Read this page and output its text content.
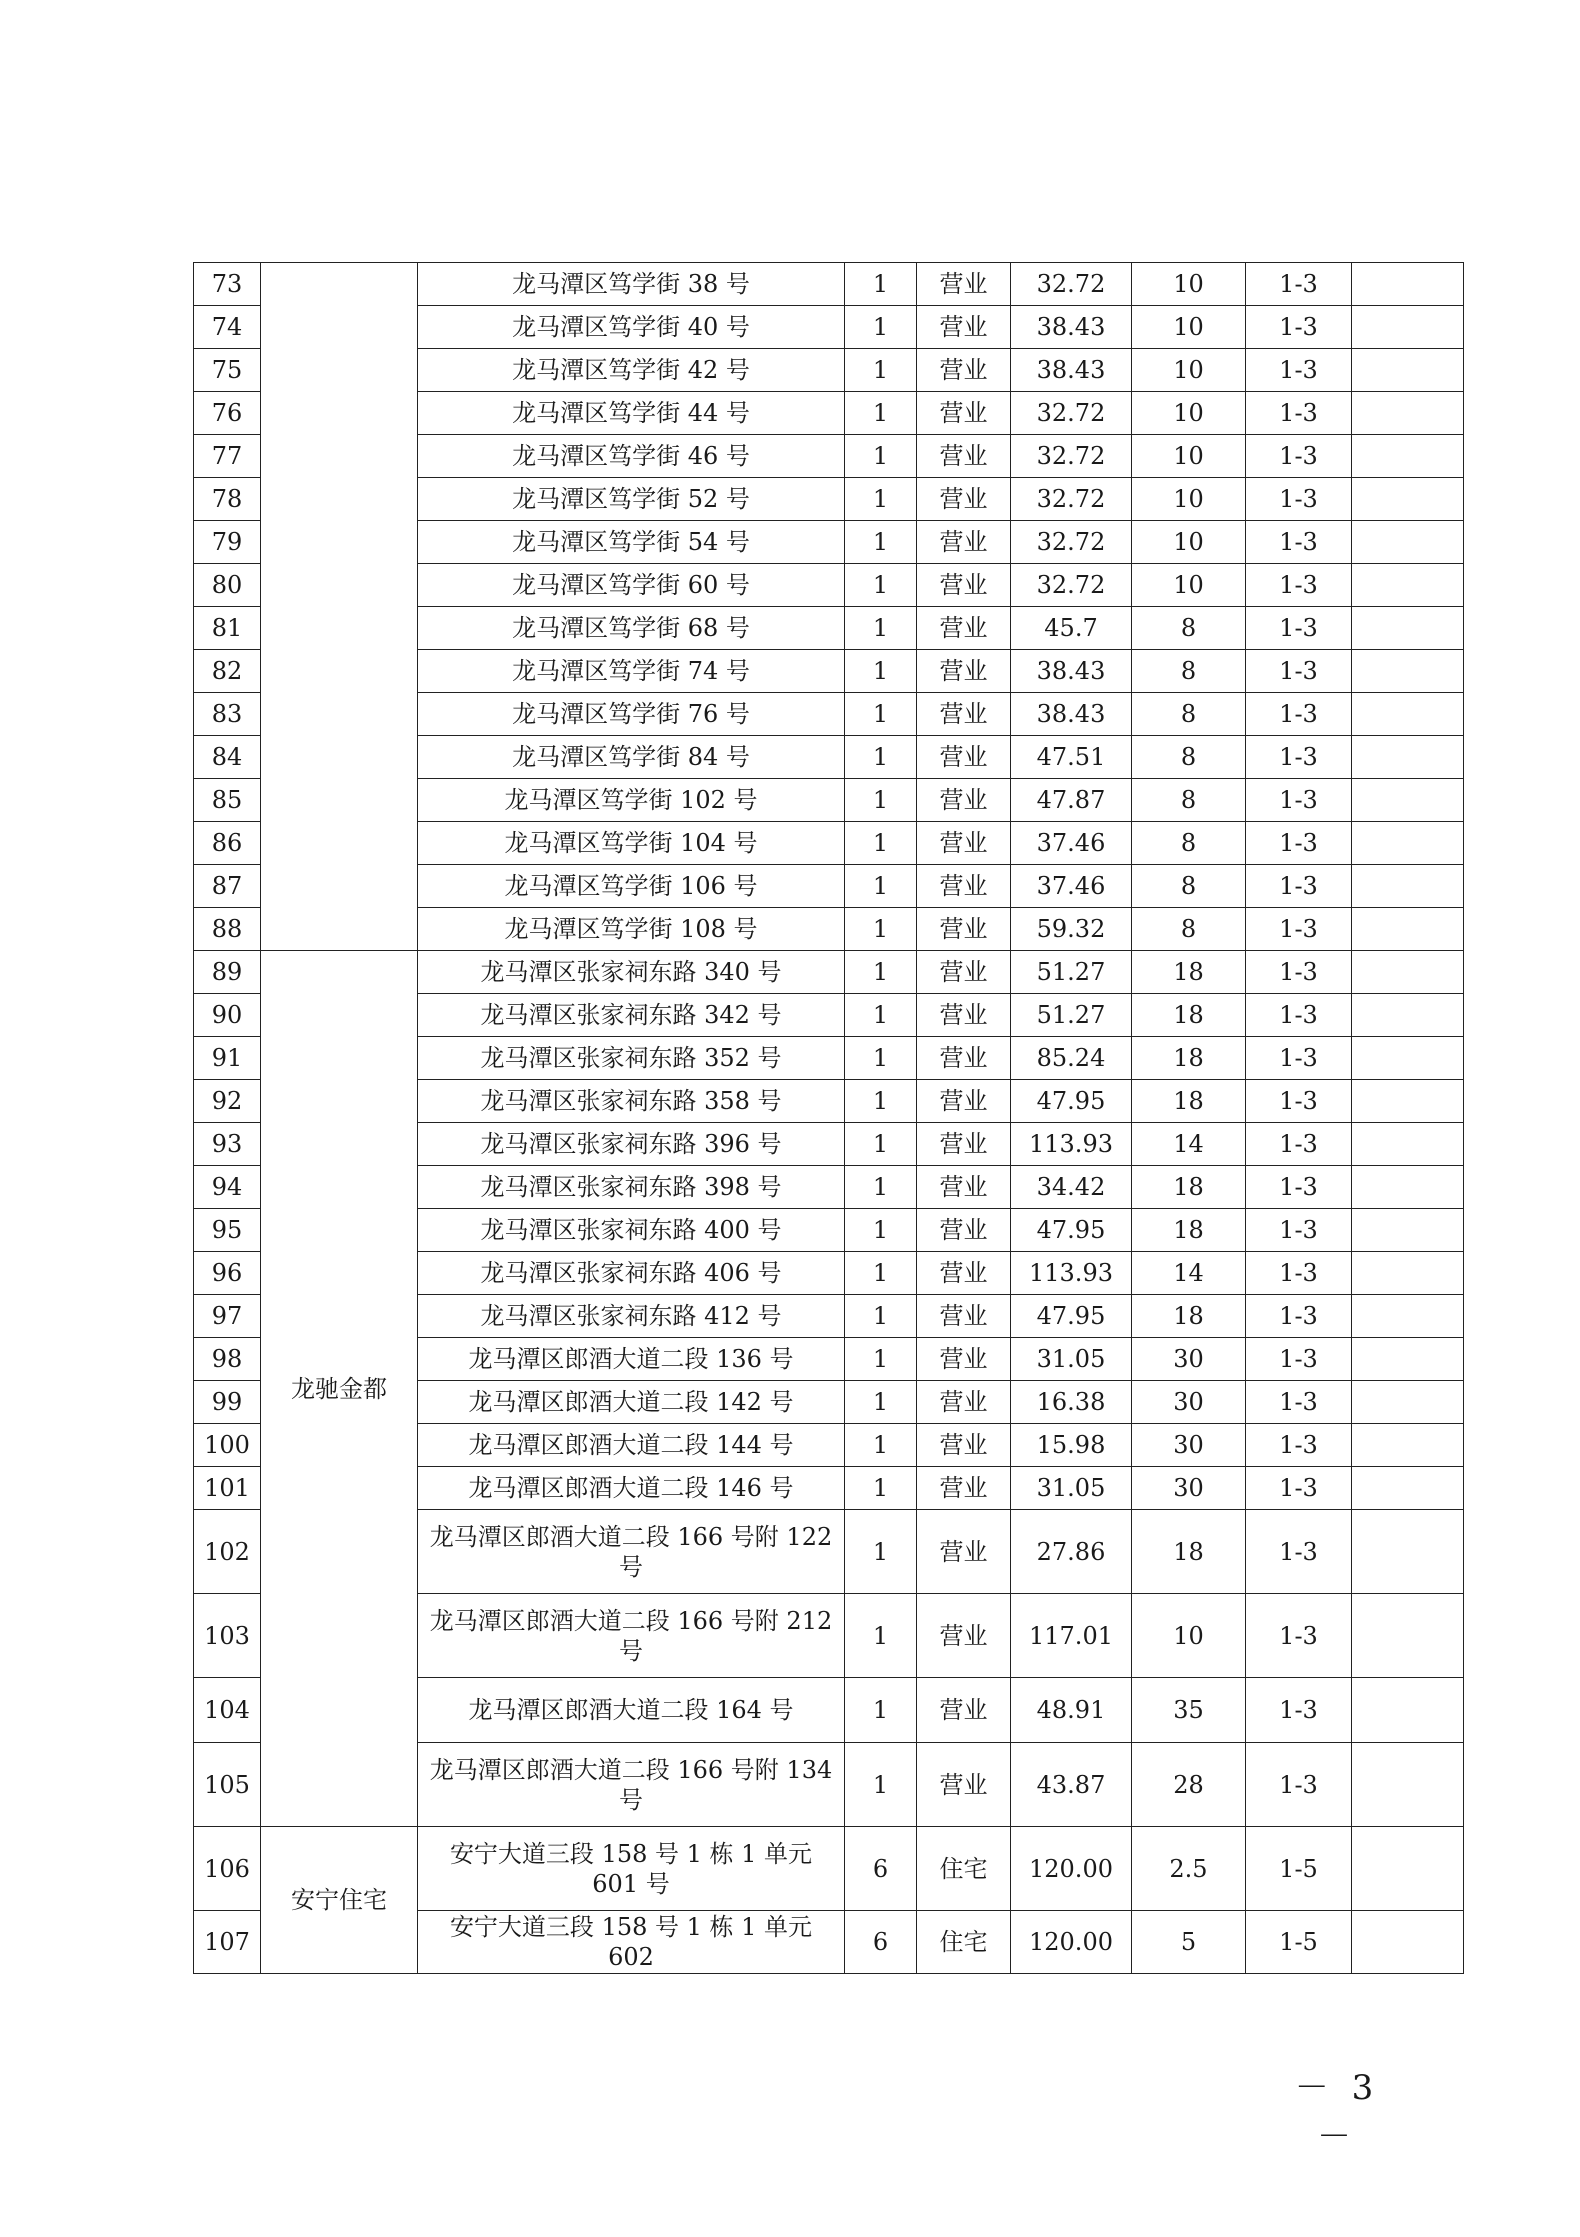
73		龙马潭区笃学街 38 号	1	营业	32.72	10	1-3	
74		龙马潭区笃学街 40 号	1	营业	38.43	10	1-3	
75		龙马潭区笃学街 42 号	1	营业	38.43	10	1-3	
76		龙马潭区笃学街 44 号	1	营业	32.72	10	1-3	
77		龙马潭区笃学街 46 号	1	营业	32.72	10	1-3	
78		龙马潭区笃学街 52 号	1	营业	32.72	10	1-3	
79		龙马潭区笃学街 54 号	1	营业	32.72	10	1-3	
80		龙马潭区笃学街 60 号	1	营业	32.72	10	1-3	
81		龙马潭区笃学街 68 号	1	营业	45.7	8	1-3	
82		龙马潭区笃学街 74 号	1	营业	38.43	8	1-3	
83		龙马潭区笃学街 76 号	1	营业	38.43	8	1-3	
84		龙马潭区笃学街 84 号	1	营业	47.51	8	1-3	
85		龙马潭区笃学街 102 号	1	营业	47.87	8	1-3	
86		龙马潭区笃学街 104 号	1	营业	37.46	8	1-3	
87		龙马潭区笃学街 106 号	1	营业	37.46	8	1-3	
88		龙马潭区笃学街 108 号	1	营业	59.32	8	1-3	
89	龙驰金都	龙马潭区张家祠东路 340 号	1	营业	51.27	18	1-3	
90		龙马潭区张家祠东路 342 号	1	营业	51.27	18	1-3	
91		龙马潭区张家祠东路 352 号	1	营业	85.24	18	1-3	
92		龙马潭区张家祠东路 358 号	1	营业	47.95	18	1-3	
93		龙马潭区张家祠东路 396 号	1	营业	113.93	14	1-3	
94		龙马潭区张家祠东路 398 号	1	营业	34.42	18	1-3	
95		龙马潭区张家祠东路 400 号	1	营业	47.95	18	1-3	
96		龙马潭区张家祠东路 406 号	1	营业	113.93	14	1-3	
97		龙马潭区张家祠东路 412 号	1	营业	47.95	18	1-3	
98		龙马潭区郎酒大道二段 136 号	1	营业	31.05	30	1-3	
99		龙马潭区郎酒大道二段 142 号	1	营业	16.38	30	1-3	
100		龙马潭区郎酒大道二段 144 号	1	营业	15.98	30	1-3	
101		龙马潭区郎酒大道二段 146 号	1	营业	31.05	30	1-3	
102		龙马潭区郎酒大道二段 166 号附 122 号	1	营业	27.86	18	1-3	
103		龙马潭区郎酒大道二段 166 号附 212 号	1	营业	117.01	10	1-3	
104		龙马潭区郎酒大道二段 164 号	1	营业	48.91	35	1-3	
105		龙马潭区郎酒大道二段 166 号附 134 号	1	营业	43.87	28	1-3	
106	安宁住宅	安宁大道三段 158 号 1 栋 1 单元 601 号	6	住宅	120.00	2.5	1-5	
107		安宁大道三段 158 号 1 栋 1 单元 602	6	住宅	120.00	5	1-5	
－ 3 －
